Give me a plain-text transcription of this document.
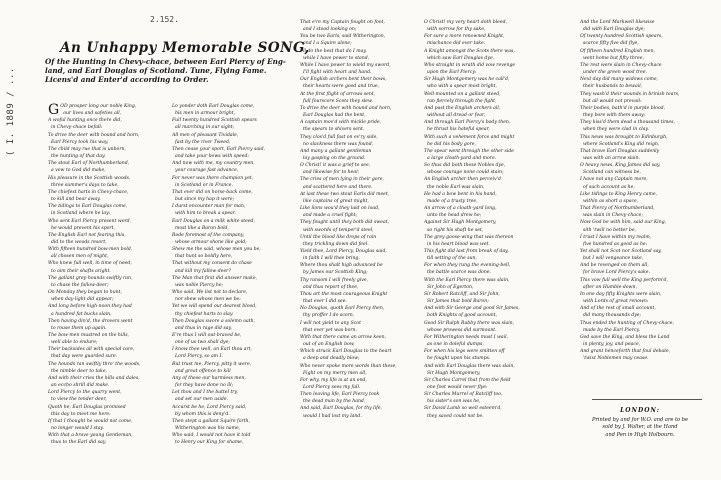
( I. 1889 / ...
2.152.
An Unhappy Memorable SONG,
Of the Hunting in Chevy-chace, between Earl Piercy of Eng-
land, and Earl Douglas of Scotland. Tune, Flying Fame.
Licens'd and Enter'd according to Order.
G OD prosper long our noble King,
our lives and safeties all,
A woful hunting once there did,
in Chevy-chace befall:
To drive the deer with hound and horn,
Earl Piercy took his way,
The child may rue that is unborn,
the hunting of that day.
The stout Earl of Northumberland,
a vow to God did make,
His pleasure in the Scottish woods,
three summer's days to take,
The chiefest harts in Chevy-chace,
to kill and bear away.
The tidings to Earl Douglas come,
in Scotland where he lay:
Who sent Earl Piercy present word,
he would prevent his sport,
The English Earl not fearing this,
did to the woods resort,
With fifteen hundred bow-men bold,
all chosen men of might,
Who knew full well, in time of need,
to aim their shafts aright.
The gallant grey-hounds swiftly ran,
to chase the fallow-deer;
On Monday they began to hunt,
when day-light did appear;
And long before high-noon they had
a hundred fat bucks slain,
Then having din'd, the drovers went
to rouse them up again.
The bow-men mustred on the hills,
well able to endure;
Their backsides all with special care,
that day were guarded sure.
The hounds ran swiftly thro' the woods,
the nimble deer to take,
And with their cries the hills and dales,
an eccho shrill did make.
Lord Piercy to the quarry went,
to view the tender deer,
Quoth he, Earl Douglas promised
this day to meet me here:
If that I thought he would not come,
no longer would I stay.
With that a brave young Gentleman,
thus to the Earl did say,
Lo yonder doth Earl Douglas come,
his men in armour bright,
Full twenty hundred Scottish spears
all marching in our sight;
All men of pleasant Tividale,
fast by the river Tweed,
Then cease your sport, Earl Piercy said,
and take your bows with speed:
And now with me, my country men,
your courage fast advance,
For never was there champion yet,
in Scotland or in France,
That ever did on horse-back come,
but since my hap it were;
I durst encounter man for man,
with him to break a spear.
Earl Douglas on a milk white steed,
most like a Baron bold,
Rode foremost of the company,
whose armour shone like gold;
Shew me the said, whose men you be,
that hunt so boldly here,
That without my consent do chase
and kill my fallow-deer?
The Man that first did answer make,
was noble Piercy he;
Who said, We list not to declare,
nor shew whose men we be:
Yet we will spend our dearest blood,
thy chiefest harts to slay.
Then Douglas swore a solemn oath,
and thus in rage did say,
E're thus I will out-braved be,
one of us two shall dye;
I know thee well, an Earl thou art,
Lord Piercy, so am I.
But trust me, Piercy, pitty it were,
and great offence to kill
Any of these our harmless men,
for they have done no ill;
Let thou and I the battel try,
and set our men aside.
Accurst be he, Lord Piercy said,
by whom this is deny'd.
Then stept a gallant Squire forth,
Witherington was his name,
Who said, I would not have it told
to Henry our King for shame,
That e're my Captain fought on foot,
and I stood looking on;
You be two Earls, said Witherington,
and I a Squire alone;
I'll do the best that do I may,
while I have power to stand,
While I have power to wield my sword,
I'll fight with heart and hand.
Our English archers bent their bows,
their hearts were good and true,
At the first flight of arrows sent,
full fourscore Scots they slew.
To drive the deer with hound and horn,
Earl Douglas had the bent,
A captain mov'd with mickle pride,
the spears to shivers sent.
They clos'd full fast on ev'ry side,
no slackness there was found,
And many a gallant gentleman
lay gasping on the ground.
O Christ! it was a grief to see,
and likewise for to hear,
The cries of men lying in their gore,
and scattered here and there.
At last these two stout Earls did meet,
like captains of great might,
Like lions wou'd they laid on load,
and made a cruel fight;
They fought until they both did sweat,
with swords of temper'd steel,
Until the blood like drops of rain
they trickling down did feel.
Yield thee, Lord Piercy, Douglas said,
in faith I will thee bring,
Where thou shalt high advanced be
by James our Scottish King;
Thy ransom I will freely give,
and thus report of thee,
Thou art the most courageous Knight
that ever I did see.
No Douglas, quoth Earl Piercy then,
thy proffer I do scorn,
I will not yield to any Scot
that ever yet was born.
With that there came an arrow keen,
out of an English bow,
Which struck Earl Douglas to the heart
a deep and deadly blow;
Who never spoke more words than these,
Fight on my merry men all,
For why, my life is at an end,
Lord Piercy sees my fall.
Then leaving life, Earl Piercy took
the dead man by the hand,
And said, Earl Douglas, for thy life,
would I had lost my land.
O Christ! my very heart doth bleed,
with sorrow for thy sake,
For sure a more renowned Knight,
mischance did ever take.
A Knight amongst the Scots there was,
which saw Earl Douglas dye,
Who straight in wrath did vow revenge
upon the Earl Piercy:
Sir Hugh Montgomery was he call'd,
who with a spear most bright,
Well-mounted on a gallant steed,
ran fiercely through the fight,
And past the English archers all,
without all dread or fear,
And through Earl Piercy's body then,
he thrust his hateful spear,
With such a vehement force and might
he did his body gore,
The spear went through the other side
a large cloath-yard and more.
So thus did both these Nobles dye,
whose courage none could stain;
An English archer then perceiv'd
the noble Earl was slain,
He had a bow bent in his hand,
made of a trusty tree,
An arrow of a cloath-yard long,
unto the head drew he;
Against Sir Hugh Montgomery,
so right his shaft he set,
The grey goose-wing that was thereon
in his heart blood was wet.
This fight did last from break of day,
till setting of the sun,
For when they rung the evening-bell,
the battle scarce was done.
With the Earl Piercy there was slain,
Sir John of Egerton,
Sir Robert Ratcliff, and Sir John,
Sir James that bold Baron;
And with Sir George and good Sir James,
both Knights of good account,
Good Sir Ralph Rabby there was slain,
whose prowess did surmount.
For Witherington needs must I wail,
as one in doleful dumps,
For when his legs were smitten off
he fought upon his stumps.
And with Earl Douglas there was slain,
Sir Hugh Montgomery,
Sir Charles Carrel that from the field
one foot would never flye:
Sir Charles Murrel of Ratcliff too,
his sister's son was he,
Sir David Lamb so well esteem'd,
they saved could not be.
And the Lord Markwell likewise
did with Earl Douglas dye;
Of twenty hundred Scottish spears,
scarce fifty five did flye,
Of fifteen hundred English men,
went home but fifty three,
The rest were slain in Chevy-chace
under the green wood tree.
Next day did many widows come,
their husbands to bewail,
They wash'd their wounds in brinish tears,
but all would not prevail:
Their bodies, bath'd in purple blood,
they bore with them away;
They kiss'd them dead a thousand times,
when they were clad in clay.
This news was brought to Edinburgh,
where Scotland's King did reign,
That brave Earl Douglas suddenly
was with an arrow slain.
O heavy news, King James did say,
Scotland can witness be,
I have not any Captain more,
of such account as he.
Like tidings to King Henry came,
within as short a space,
That Piercy of Northumberland,
was slain in Chevy-chace;
Now God be with him, said our King,
sith 'twill no better be,
I trust I have within my realm,
five hundred as good as he:
Yet shall not Scot nor Scotland say,
but I will vengeance take,
And be revenged on them all,
for brave Lord Piercy's sake.
This vow full well the King perform'd,
after on Humble-down,
In one day fifty Knights were slain,
with Lords of great renown:
And of the rest of small account,
did many thousands dye;
Thus ended the hunting of Chevy-chace,
made by the Earl Piercy.
God save the King, and bless the Land
in plenty, joy, and peace,
And grant henceforth that foul debate,
'twixt Noblemen may cease.
LONDON:
Printed by and for W.O. and are to be
sold by J. Walter, at the Hand
and Pen in High Holbourn.
